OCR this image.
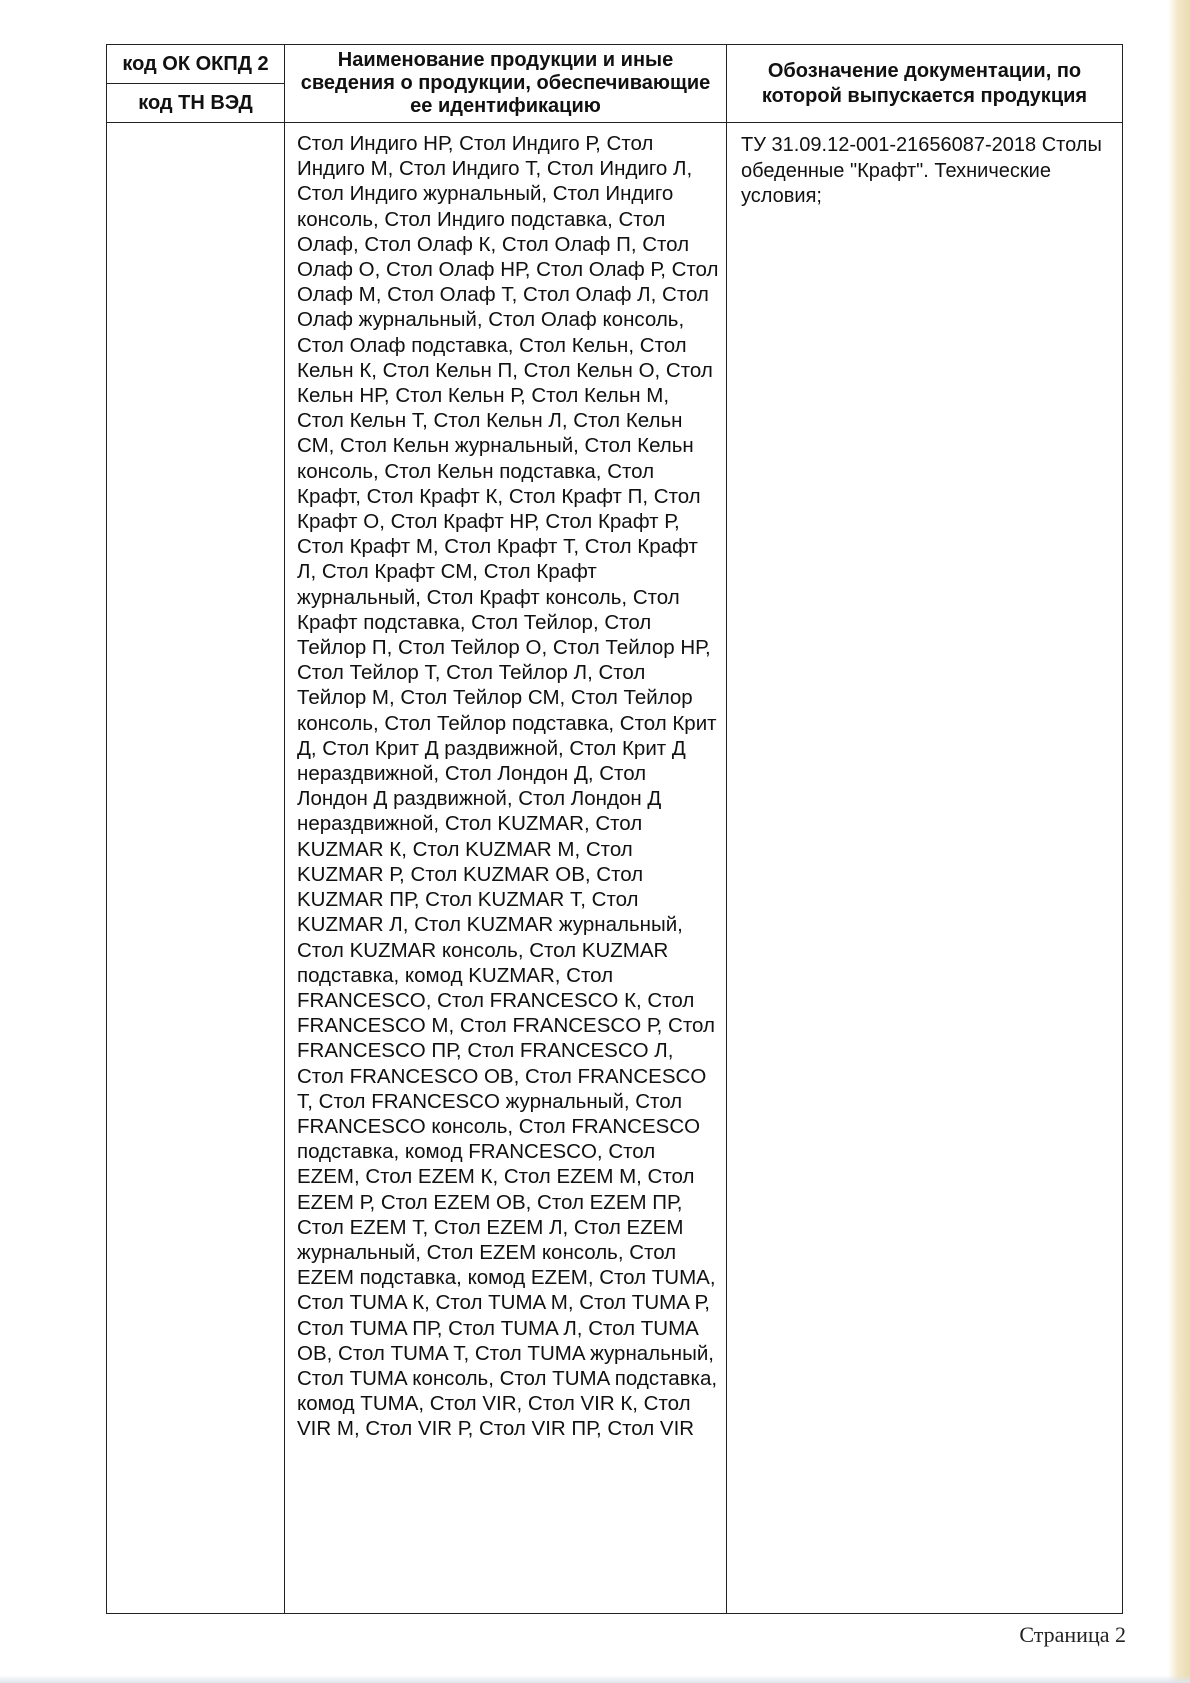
код ОК ОКПД 2	Наименование продукции и иные сведения о продукции, обеспечивающие ее идентификацию	Обозначение документации, по которой выпускается продукция
код ТН ВЭД		
	Стол Индиго НР, Стол Индиго Р, Стол Индиго М, Стол Индиго Т, Стол Индиго Л, Стол Индиго журнальный, Стол Индиго консоль, Стол Индиго подставка, Стол Олаф, Стол Олаф К, Стол Олаф П, Стол Олаф О, Стол Олаф НР, Стол Олаф Р, Стол Олаф М, Стол Олаф Т, Стол Олаф Л, Стол Олаф журнальный, Стол Олаф консоль, Стол Олаф подставка, Стол Кельн, Стол Кельн К, Стол Кельн П, Стол Кельн О, Стол Кельн НР, Стол Кельн Р, Стол Кельн М, Стол Кельн Т, Стол Кельн Л, Стол Кельн СМ, Стол Кельн журнальный, Стол Кельн консоль, Стол Кельн подставка, Стол Крафт, Стол Крафт К, Стол Крафт П, Стол Крафт О, Стол Крафт НР, Стол Крафт Р, Стол Крафт М, Стол Крафт Т, Стол Крафт Л, Стол Крафт СМ, Стол Крафт журнальный, Стол Крафт консоль, Стол Крафт подставка, Стол Тейлор, Стол Тейлор П, Стол Тейлор О, Стол Тейлор НР, Стол Тейлор Т, Стол Тейлор Л, Стол Тейлор М, Стол Тейлор СМ, Стол Тейлор консоль, Стол Тейлор подставка, Стол Крит Д, Стол Крит Д раздвижной, Стол Крит Д нераздвижной, Стол Лондон Д, Стол Лондон Д раздвижной, Стол Лондон Д нераздвижной, Стол KUZMAR, Стол KUZMAR К, Стол KUZMAR М, Стол KUZMAR Р, Стол KUZMAR ОВ, Стол KUZMAR ПР, Стол KUZMAR Т, Стол KUZMAR Л, Стол KUZMAR журнальный, Стол KUZMAR консоль, Стол KUZMAR подставка, комод KUZMAR, Стол FRANCESCO, Стол FRANCESCO К, Стол FRANCESCO М, Стол FRANCESCO Р, Стол FRANCESCO ПР, Стол FRANCESCO Л, Стол FRANCESCO ОВ, Стол FRANCESCO Т, Стол FRANCESCO журнальный, Стол FRANCESCO консоль, Стол FRANCESCO подставка, комод FRANCESCO, Стол EZEM, Стол EZEM К, Стол EZEM М, Стол EZEM Р, Стол EZEM ОВ, Стол EZEM ПР, Стол EZEM Т, Стол EZEM Л, Стол EZEM журнальный, Стол EZEM консоль, Стол EZEM подставка, комод EZEM, Стол TUMA, Стол TUMA К, Стол TUMA М, Стол TUMA Р, Стол TUMA ПР, Стол TUMA Л, Стол TUMA ОВ, Стол TUMA Т, Стол TUMA журнальный, Стол TUMA консоль, Стол TUMA подставка, комод TUMA, Стол VIR, Стол VIR К, Стол VIR М, Стол VIR Р, Стол VIR ПР, Стол VIR	ТУ 31.09.12-001-21656087-2018 Столы обеденные "Крафт". Технические условия;
Страница 2
